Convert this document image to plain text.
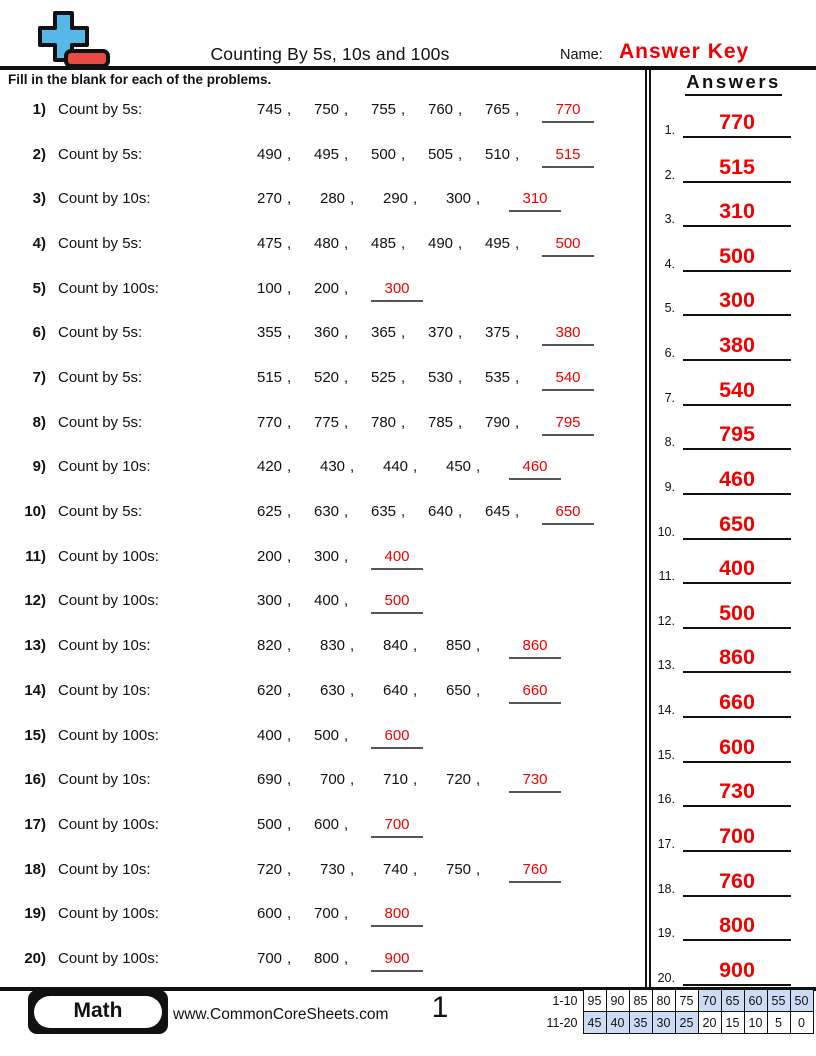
Counting By 5s, 10s and 100s	Name: Answer Key
Fill in the blank for each of the problems.
1) Count by 5s:	745 ,	750 ,	755 ,	760 ,	765 ,	770
2) Count by 5s:	490 ,	495 ,	500 ,	505 ,	510 ,	515
3) Count by 10s:	270 ,	280 ,	290 ,	300 ,	310
4) Count by 5s:	475 ,	480 ,	485 ,	490 ,	495 ,	500
5) Count by 100s:	100 ,	200 ,	300
6) Count by 5s:	355 ,	360 ,	365 ,	370 ,	375 ,	380
7) Count by 5s:	515 ,	520 ,	525 ,	530 ,	535 ,	540
8) Count by 5s:	770 ,	775 ,	780 ,	785 ,	790 ,	795
9) Count by 10s:	420 ,	430 ,	440 ,	450 ,	460
10) Count by 5s:	625 ,	630 ,	635 ,	640 ,	645 ,	650
11) Count by 100s:	200 ,	300 ,	400
12) Count by 100s:	300 ,	400 ,	500
13) Count by 10s:	820 ,	830 ,	840 ,	850 ,	860
14) Count by 10s:	620 ,	630 ,	640 ,	650 ,	660
15) Count by 100s:	400 ,	500 ,	600
16) Count by 10s:	690 ,	700 ,	710 ,	720 ,	730
17) Count by 100s:	500 ,	600 ,	700
18) Count by 10s:	720 ,	730 ,	740 ,	750 ,	760
19) Count by 100s:	600 ,	700 ,	800
20) Count by 100s:	700 ,	800 ,	900
Answers
1.	770
2.	515
3.	310
4.	500
5.	300
6.	380
7.	540
8.	795
9.	460
10.	650
11.	400
12.	500
13.	860
14.	660
15.	600
16.	730
17.	700
18.	760
19.	800
20.	900
Math	www.CommonCoreSheets.com	1	1-10	95	90	85	80	75	70	65	60	55	50
11-20	45	40	35	30	25	20	15	10	5	0
